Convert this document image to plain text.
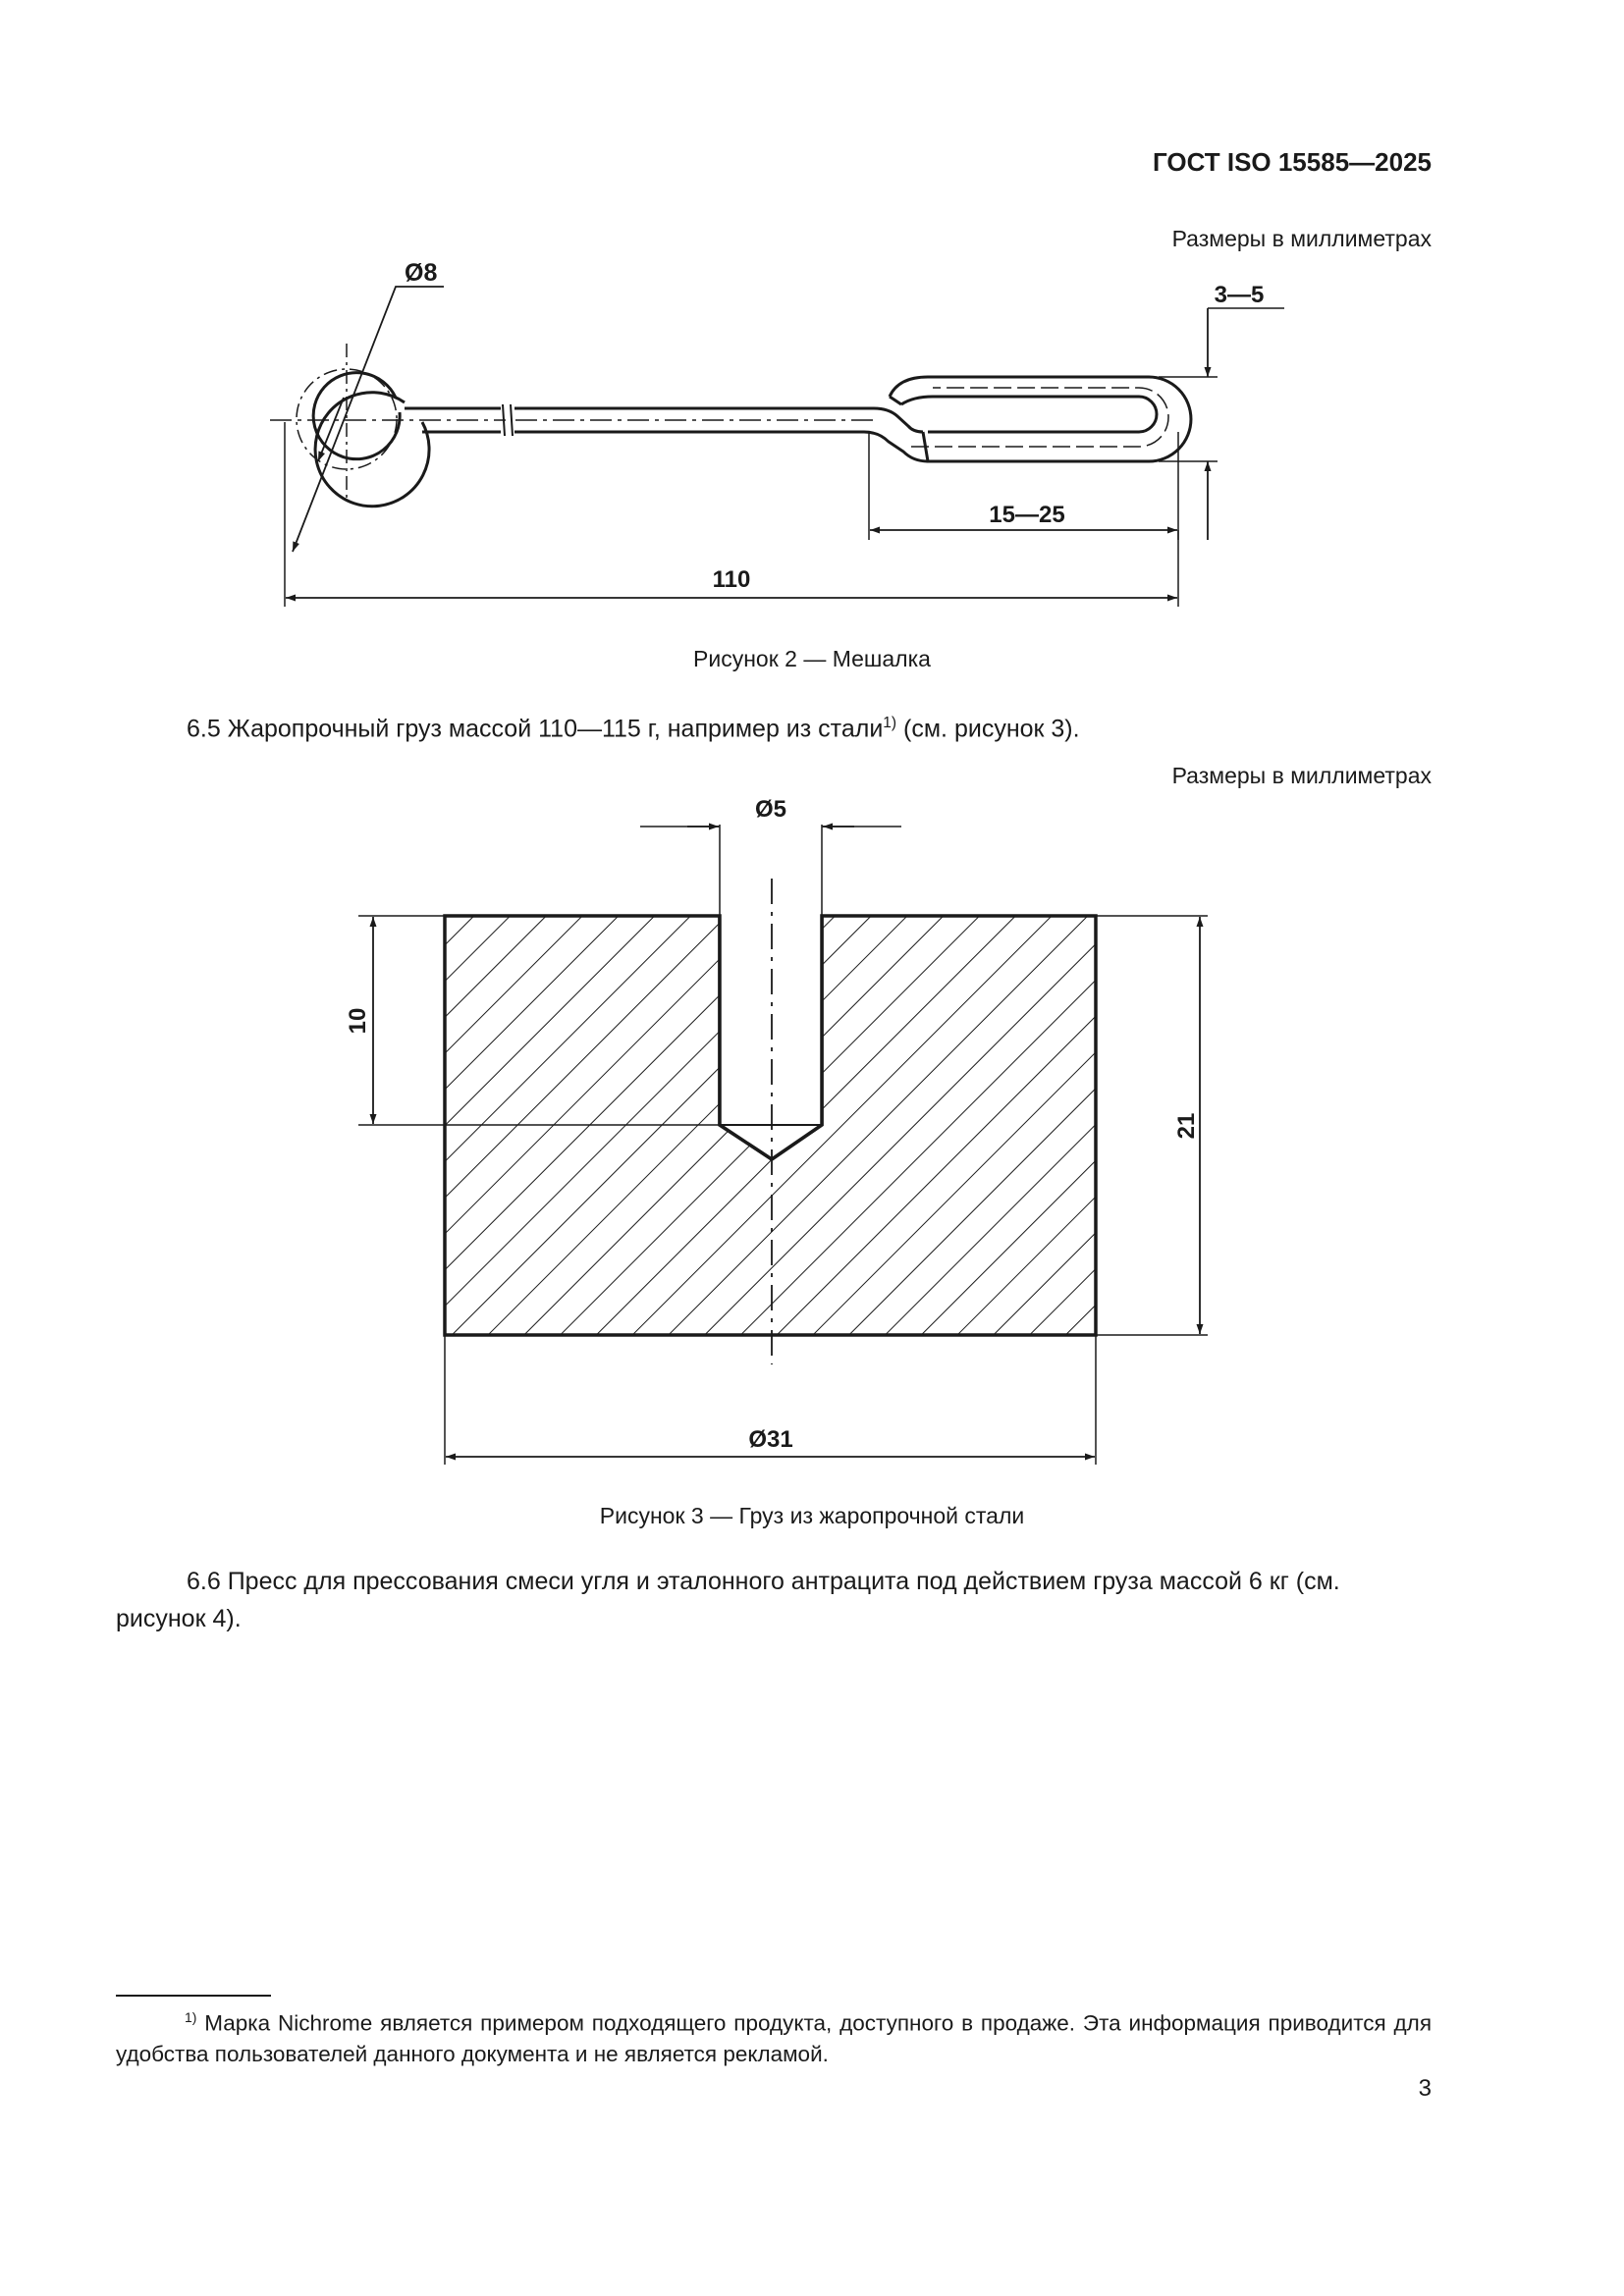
ГОСТ ISO 15585—2025
Размеры в миллиметрах
Ø8
3—5
15—25
110
Рисунок 2 — Мешалка
6.5 Жаропрочный груз массой 110—115 г, например из стали$^{1)}$ (см. рисунок 3).
Размеры в миллиметрах
Ø5
10
21
Ø31
Рисунок 3 — Груз из жаропрочной стали
6.6 Пресс для прессования смеси угля и эталонного антрацита под действием груза массой 6 кг (см. рисунок 4).
$^{1)}$ Марка Nichrome является примером подходящего продукта, доступного в продаже. Эта информация приводится для удобства пользователей данного документа и не является рекламой.
3
